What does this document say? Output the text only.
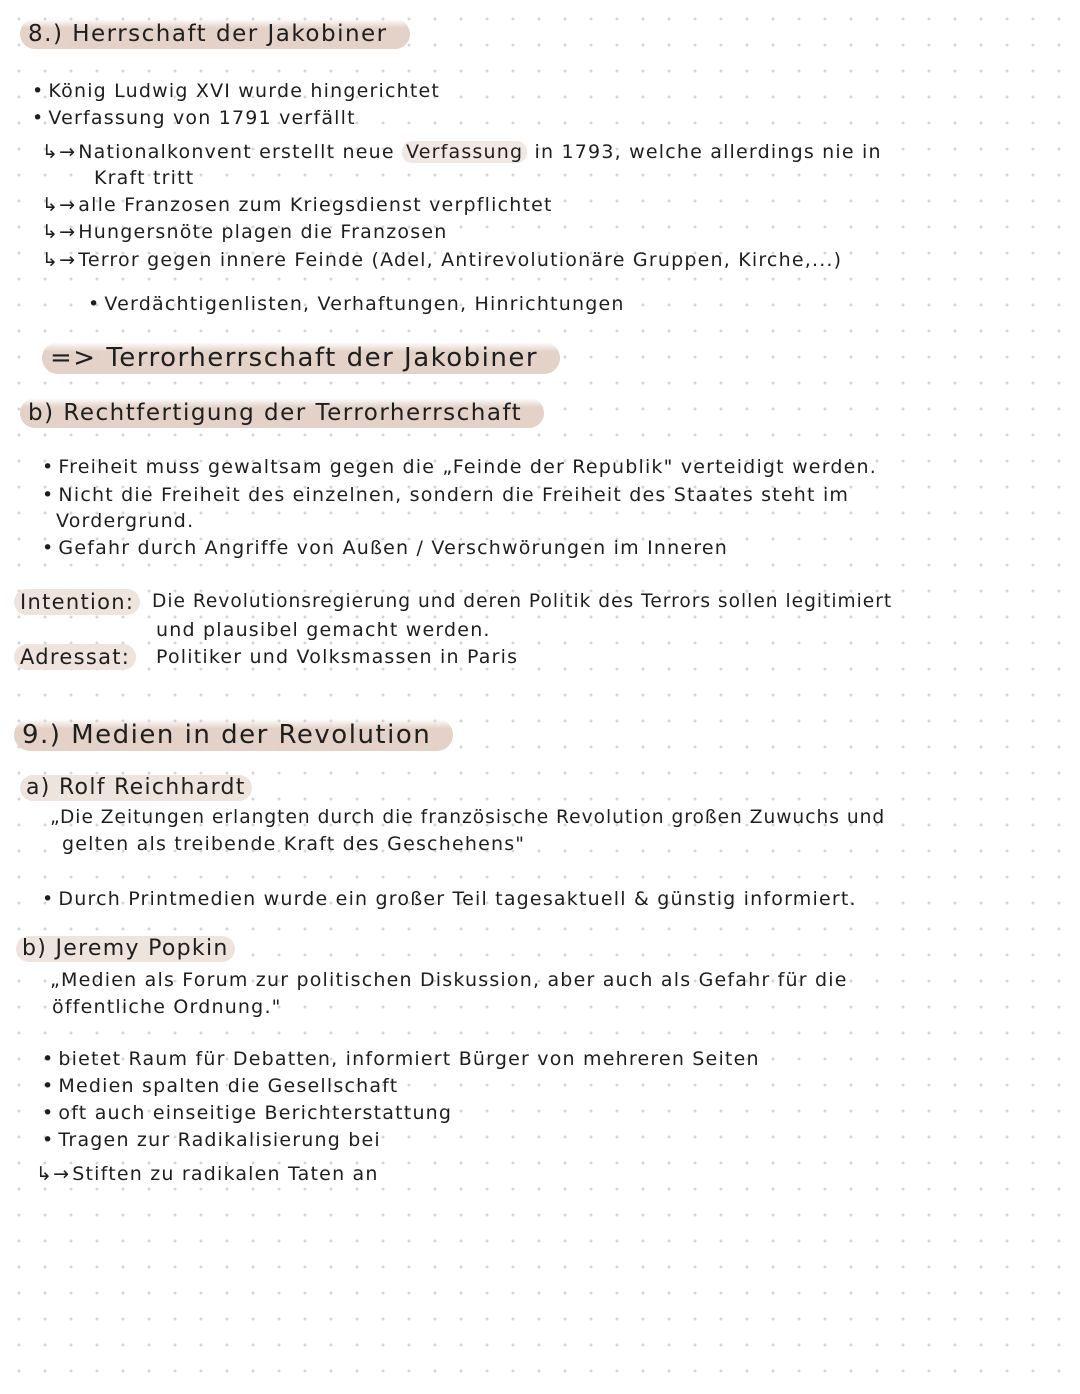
8.) Herrschaft der Jakobiner
• König Ludwig XVI wurde hingerichtet
• Verfassung von 1791 verfällt
↳→ Nationalkonvent erstellt neue Verfassung in 1793, welche allerdings nie in
Kraft tritt
↳→ alle Franzosen zum Kriegsdienst verpflichtet
↳→ Hungersnöte plagen die Franzosen
↳→ Terror gegen innere Feinde (Adel, Antirevolutionäre Gruppen, Kirche,...)
• Verdächtigenlisten, Verhaftungen, Hinrichtungen
=> Terrorherrschaft der Jakobiner
b) Rechtfertigung der Terrorherrschaft
• Freiheit muss gewaltsam gegen die „Feinde der Republik" verteidigt werden.
• Nicht die Freiheit des einzelnen, sondern die Freiheit des Staates steht im
Vordergrund.
• Gefahr durch Angriffe von Außen / Verschwörungen im Inneren
Intention: Die Revolutionsregierung und deren Politik des Terrors sollen legitimiert
und plausibel gemacht werden.
Adressat:	Politiker und Volksmassen in Paris
9.) Medien in der Revolution
a) Rolf Reichhardt
„Die Zeitungen erlangten durch die französische Revolution großen Zuwuchs und
gelten als treibende Kraft des Geschehens"
• Durch Printmedien wurde ein großer Teil tagesaktuell & günstig informiert.
b) Jeremy Popkin
„Medien als Forum zur politischen Diskussion, aber auch als Gefahr für die
öffentliche Ordnung."
• bietet Raum für Debatten, informiert Bürger von mehreren Seiten
• Medien spalten die Gesellschaft
• oft auch einseitige Berichterstattung
• Tragen zur Radikalisierung bei
↳→ Stiften zu radikalen Taten an
